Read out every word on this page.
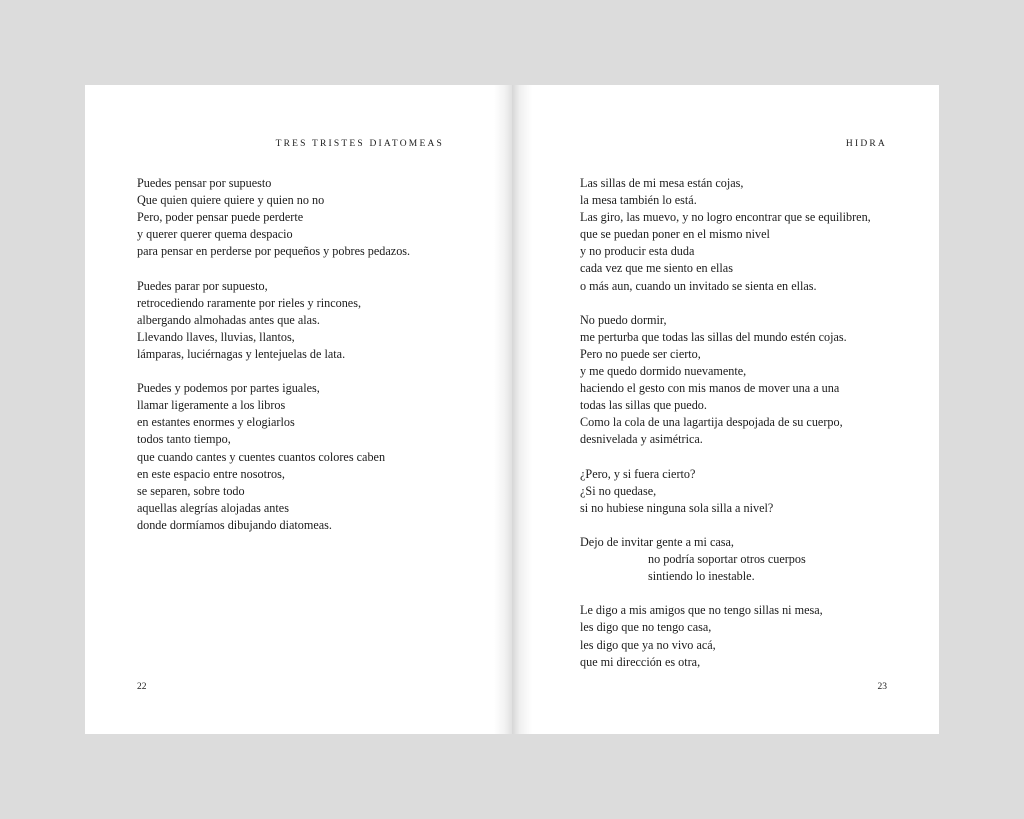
TRES TRISTES DIATOMEAS
Puedes pensar por supuesto
Que quien quiere quiere y quien no no
Pero, poder pensar puede perderte
y querer querer quema despacio
para pensar en perderse por pequeños y pobres pedazos.
Puedes parar por supuesto,
retrocediendo raramente por rieles y rincones,
albergando almohadas antes que alas.
Llevando llaves, lluvias, llantos,
lámparas, luciérnagas y lentejuelas de lata.
Puedes y podemos por partes iguales,
llamar ligeramente a los libros
en estantes enormes y elogiarlos
todos tanto tiempo,
que cuando cantes y cuentes cuantos colores caben
en este espacio entre nosotros,
se separen, sobre todo
aquellas alegrías alojadas antes
donde dormíamos dibujando diatomeas.
22
HIDRA
Las sillas de mi mesa están cojas,
la mesa también lo está.
Las giro, las muevo, y no logro encontrar que se equilibren,
que se puedan poner en el mismo nivel
y no producir esta duda
cada vez que me siento en ellas
o más aun, cuando un invitado se sienta en ellas.
No puedo dormir,
me perturba que todas las sillas del mundo estén cojas.
Pero no puede ser cierto,
y me quedo dormido nuevamente,
haciendo el gesto con mis manos de mover una a una
todas las sillas que puedo.
Como la cola de una lagartija despojada de su cuerpo,
desnivelada y asimétrica.
¿Pero, y si fuera cierto?
¿Si no quedase,
si no hubiese ninguna sola silla a nivel?
Dejo de invitar gente a mi casa,
no podría soportar otros cuerpos
sintiendo lo inestable.
Le digo a mis amigos que no tengo sillas ni mesa,
les digo que no tengo casa,
les digo que ya no vivo acá,
que mi dirección es otra,
23
